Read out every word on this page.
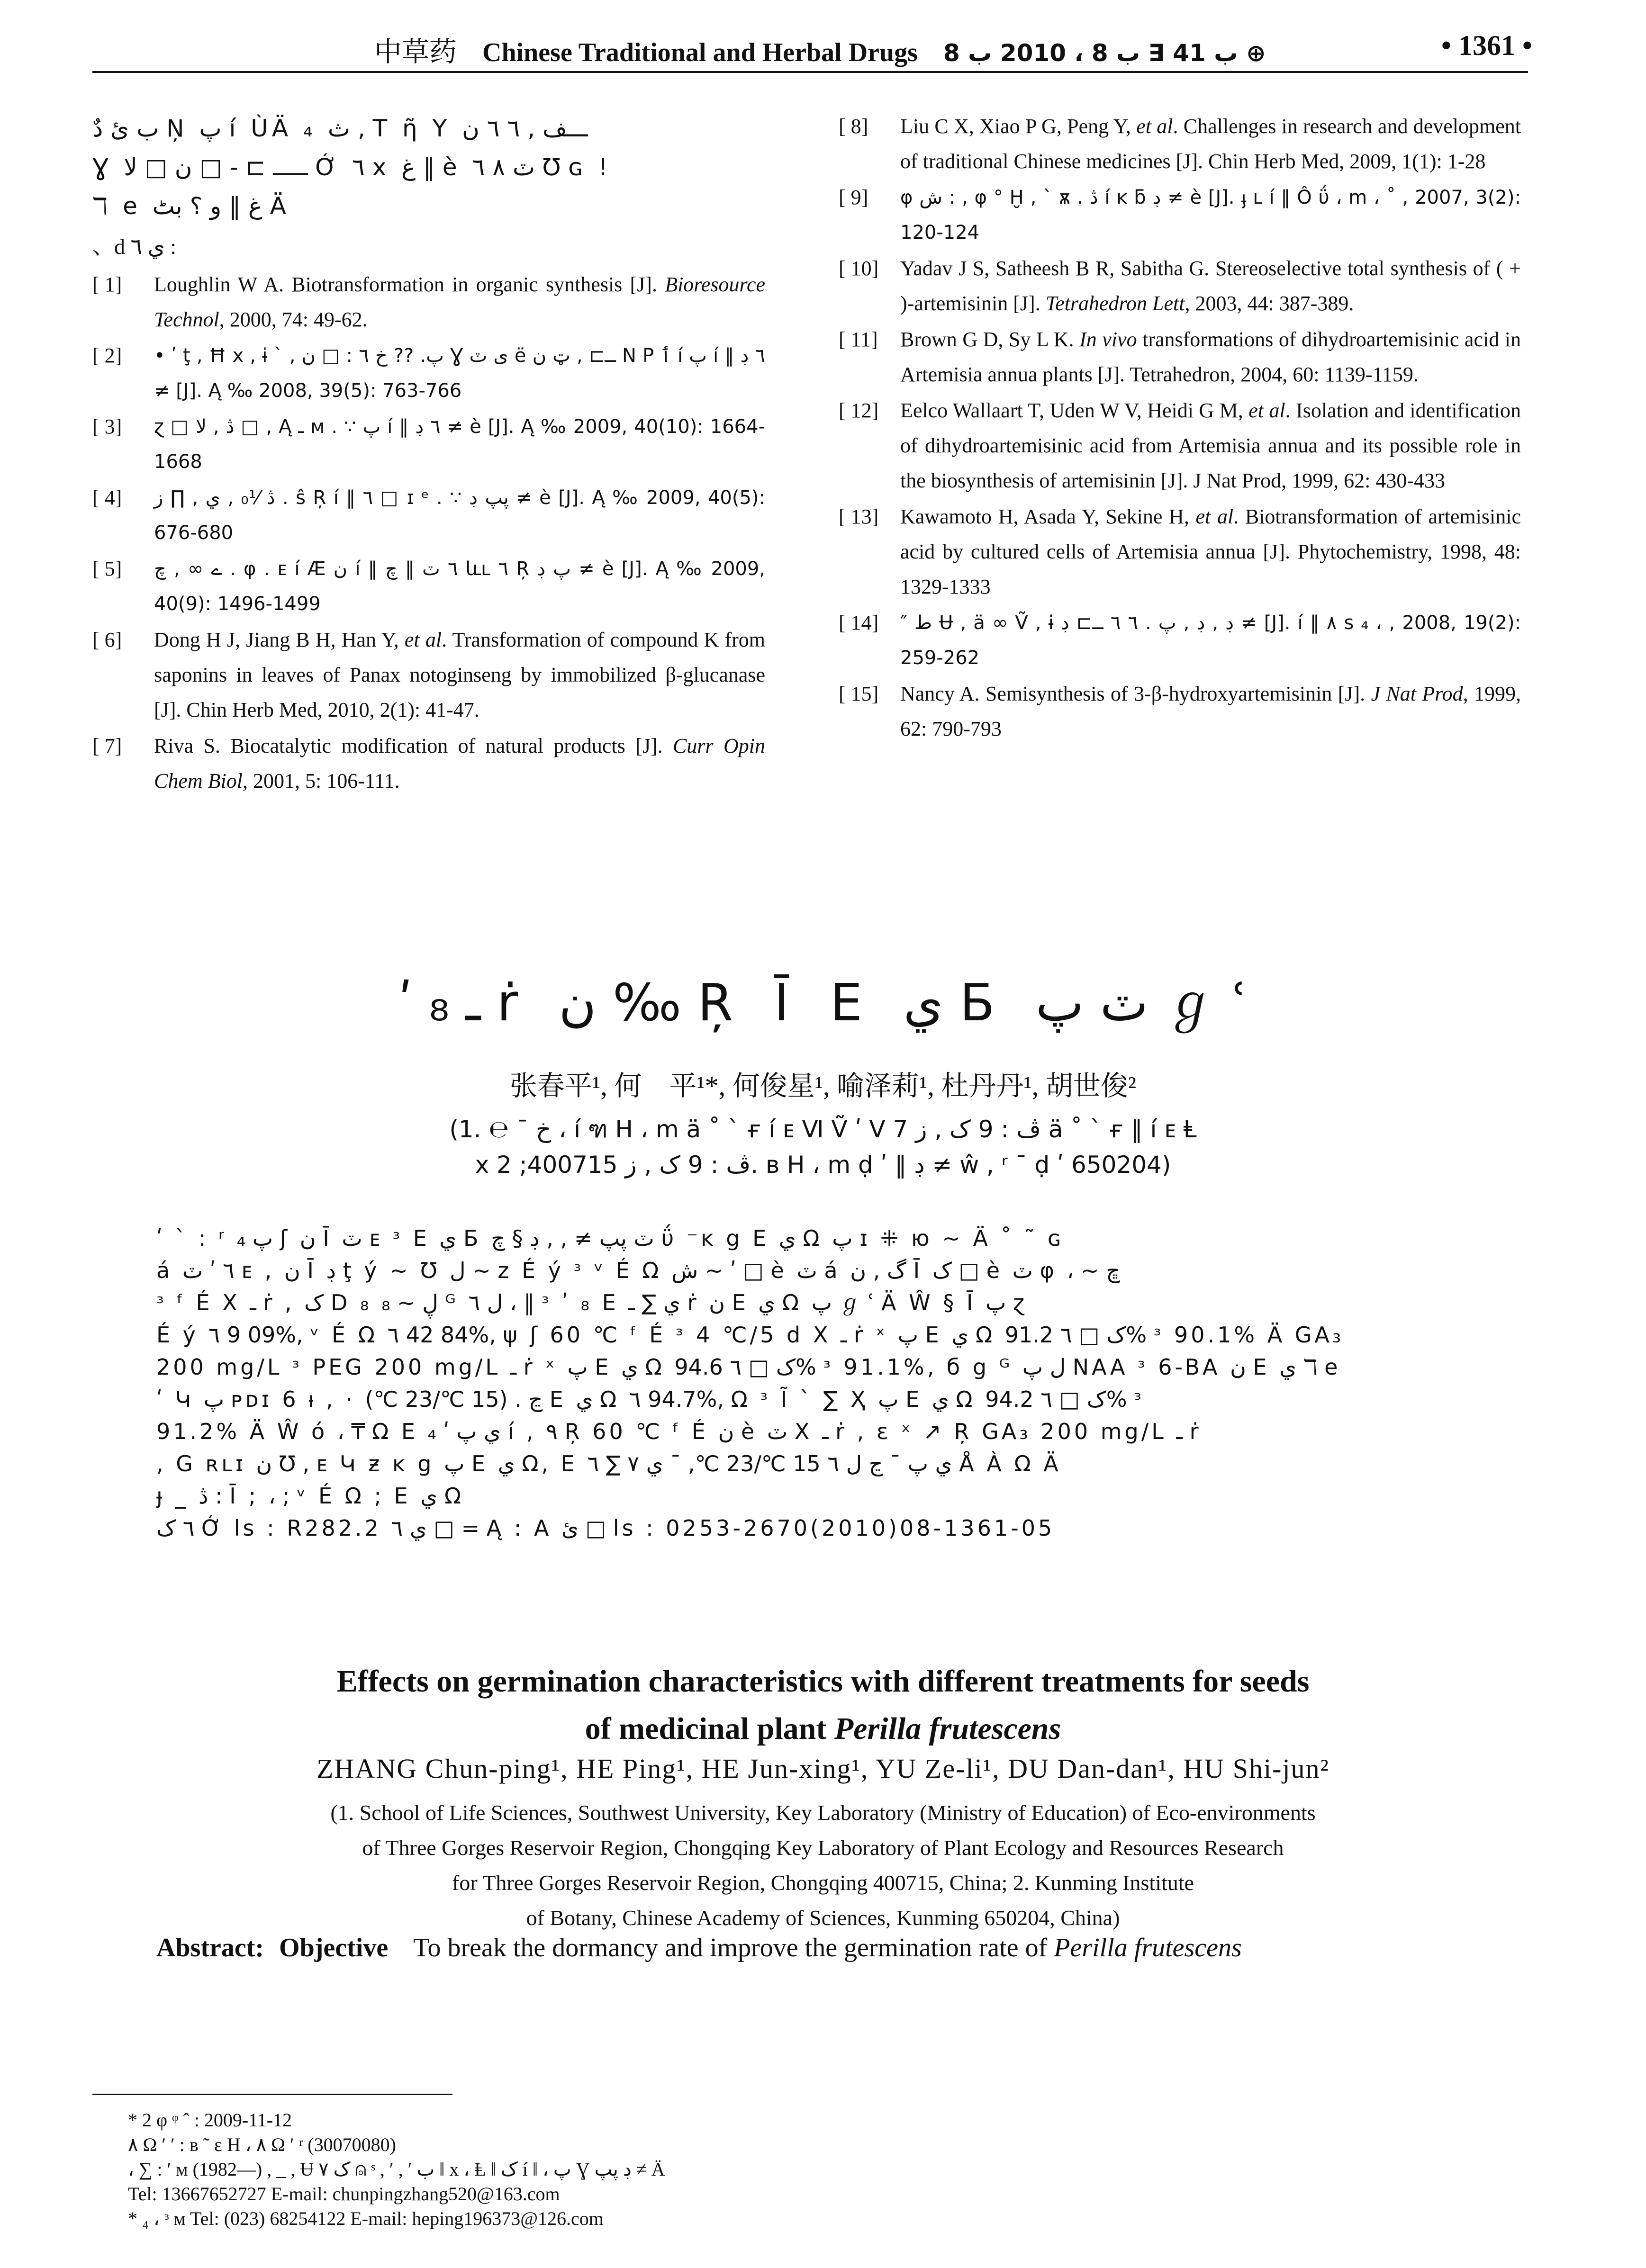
中草药 Chinese Traditional and Herbal Drugs ب 41 ∃ ب 8 ، 2010 ب 8 ⊕	• 1361 •
ب ئ دٌ Ņ پ í ÙÄ ₄ ث , T ῆ Y ـــف , ٦ ٦ ن
Ɣ ـــــ ⊐ - □ ن □ ﻻ Ớ ٦ x غ ‖ è ٽ ٨ ٦ ℧ ɢ !
ℸ e غ ‖ و ؟ بٹ Ä
、d ي ٦ :
[ 1]	Loughlin W A. Biotransformation in organic synthesis [J]. Bioresource Technol, 2000, 74: 49-62.
[ 2]	• ʹ ţ , Ħ x , ɨ ` , پ. ?? خ ٦ : □ ن Ɣ ى ٽ ë ــ⊐ , ټ ن N P ٲ í پ í ‖ ٦ ڊ ≠ [J]. Ą ‰ 2008, 39(5): 763-766
[ 3]	ɀ □ ڎ , ﻻ □ , Ą ـ ᴍ . ∵ پ í ‖ ٦ ڊ ≠ è [J]. Ą ‰ 2009, 40(10): 1664-1668
[ 4]	ڎ ⅟₀ , ي , ∏ ز . ŝ Ŗ í ‖ ٦ □ ɪ ᵉ . ∵ پپ ڊ ≠ è [J]. Ą ‰ 2009, 40(5): 676-680
[ 5]	ے ∞ , چ . φ . ᴇ í Æ ن í ‖ ٦ ٽ ‖ چ ևʟ ٦ Ŗ پ ڊ ≠ è [J]. Ą ‰ 2009, 40(9): 1496-1499
[ 6]	Dong H J, Jiang B H, Han Y, et al. Transformation of compound K from saponins in leaves of Panax notoginseng by immobilized β-glucanase [J]. Chin Herb Med, 2010, 2(1): 41-47.
[ 7]	Riva S. Biocatalytic modification of natural products [J]. Curr Opin Chem Biol, 2001, 5: 106-111.
[ 8]	Liu C X, Xiao P G, Peng Y, et al. Challenges in research and development of traditional Chinese medicines [J]. Chin Herb Med, 2009, 1(1): 1-28
[ 9]	φ ش : , φ ° Ḫ , ` ѫ . ڎ í ĸ ƃ ڊ ≠ è [J]. ֈ ʟ í ‖ Ô ΰ ، m ، ˚ , 2007, 3(2): 120-124
[ 10]	Yadav J S, Satheesh B R, Sabitha G. Stereoselective total synthesis of ( + )-artemisinin [J]. Tetrahedron Lett, 2003, 44: 387-389.
[ 11]	Brown G D, Sy L K. In vivo transformations of dihydroartemisinic acid in Artemisia annua plants [J]. Tetrahedron, 2004, 60: 1139-1159.
[ 12]	Eelco Wallaart T, Uden W V, Heidi G M, et al. Isolation and identification of dihydroartemisinic acid from Artemisia annua and its possible role in the biosynthesis of artemisinin [J]. J Nat Prod, 1999, 62: 430-433
[ 13]	Kawamoto H, Asada Y, Sekine H, et al. Biotransformation of artemisinic acid by cultured cells of Artemisia annua [J]. Phytochemistry, 1998, 48: 1329-1333
[ 14]	″ ط Ʉ , ä ∞ Ṽ , ɨ ڊ , ڊ , پ . ٦ ٦ ــ⊐ ڊ ≠ [J]. í ‖ ٨ s ₄ ، , 2008, 19(2): 259-262
[ 15]	Nancy A. Semisynthesis of 3-β-hydroxyartemisinin [J]. J Nat Prod, 1999, 62: 790-793
ʹ ₈ ـ ṙ ن ‰ Ŗ Ī E ي Б ٽ پ ℊ ʿ
张春平¹, 何　平¹*, 何俊星¹, 喻泽莉¹, 杜丹丹¹, 胡世俊²
(1. ℮ ˉ خ ، í ฑ H ، m ä ˚ ` ғ í ᴇ Ⅵ Ṽ ʹ V ڤ : 9 ک , ز 7 ä ˚ ` ғ ‖ í ᴇ Ⱡ
x ڤ : 9 ک , ز 400715; 2. ʙ H ، m ḍ ʹ ‖ ڊ ≠ ŵ , ʳ ˉ ḍ ʹ 650204)
ʹ ` : ʳ پ ₄ ʃ ن Ī ٽ ᴇ ᶟ E ي Б ٽ پپ ≠ , , ڊ § چ ΰ ⁻ĸ g E ي Ω پ ɪ ⁜ ю ~ Ä ˚ ˜ ɢ
á ٦ ʹ ٽ ᴇ , ن Ī ڊ ţ ý ~ ℧ ل ~ z É ý ᶟ ᵛ É Ω ش ~ ʹ □ è ٽ á گ , ن Ī ک □ è ٽ φ ، ~ ڇ
ᶟ ᶠ É X ـ ṙ , ک D ₈ ڸ ~ ₈ ᴳ ل ٦ ، ‖ ᶟ ʹ ₈ E ي ∑ ـ ṙ ن E ي Ω پ ℊ ʿ Ä Ŵ § Ī پ ɀ
É ý ٦ 9 09%, ᵛ É Ω ٦ 42 84%, ψ ʃ 60 ℃ ᶠ É ᶟ 4 ℃/5 d X ـ ṙ ˣ پ E ي Ω ک □ ٦ 91.2% ᶟ 90.1% Ä GA₃
200 mg/L ᶟ PEG 200 mg/L ـ ṙ ˣ پ E ي Ω ک □ ٦ 94.6% ᶟ 91.1%, б g ᴳ ل پ NAA ᶟ 6-BA ن E ي ℸ e
ʹ Կ پ ᴘᴅɪ 6 ᵼ , · ڃ . (15 ℃/23 ℃) E ي Ω ٦ 94.7%, Ω ᶟ Ĩ ` ∑ Ҳ پ E ي Ω ک □ ٦ 94.2% ᶟ
91.2% Ä Ŵ ó ، ₸ Ω E ي پ ʹ ₄ í , ٩ Ŗ 60 ℃ ᶠ É ن è ٽ X ـ ṙ , ε ˣ ↗ Ŗ GA₃ 200 mg/L ـ ṙ
, G ʀʟɪ ن ℧ , ᴇ Կ ƶ ĸ g پ E ي Ω, E ي پ ˉ ڃ ل ٦ 15 ℃/23 ℃, ˉ ي ٧ ∑ ٦ Å À Ω Ä
ɟ _ ڎ : Ī ; ، ; ᵛ É Ω ; E ي Ω
٦ ک Ớ ls : R282.2 ي ٦ □ = Ą : A ئ □ ls : 0253-2670(2010)08-1361-05
Effects on germination characteristics with different treatments for seeds
of medicinal plant Perilla frutescens
ZHANG Chun-ping¹, HE Ping¹, HE Jun-xing¹, YU Ze-li¹, DU Dan-dan¹, HU Shi-jun²
(1. School of Life Sciences, Southwest University, Key Laboratory (Ministry of Education) of Eco-environments
of Three Gorges Reservoir Region, Chongqing Key Laboratory of Plant Ecology and Resources Research
for Three Gorges Reservoir Region, Chongqing 400715, China; 2. Kunming Institute
of Botany, Chinese Academy of Sciences, Kunming 650204, China)
Abstract: Objective To break the dormancy and improve the germination rate of Perilla frutescens
* 2 φ ᵠ ˆ : 2009-11-12
٨ Ω ʹ ʹ : ʙ ˜ ε H ، ٨ Ω ʹ ʳ (30070080)
، ∑ : ʹ ᴍ (1982—) , _ , Ʉ ک ٧ ⍝ ˢ , ʹ , ʹ ب ‖ x ، Ⱡ ‖ ک í ‖ ، پ Ɣ ڊ پپ ≠ Ä
Tel: 13667652727 E-mail: chunpingzhang520@163.com
* ₄ ، ᶟ ᴍ Tel: (023) 68254122 E-mail: heping196373@126.com
